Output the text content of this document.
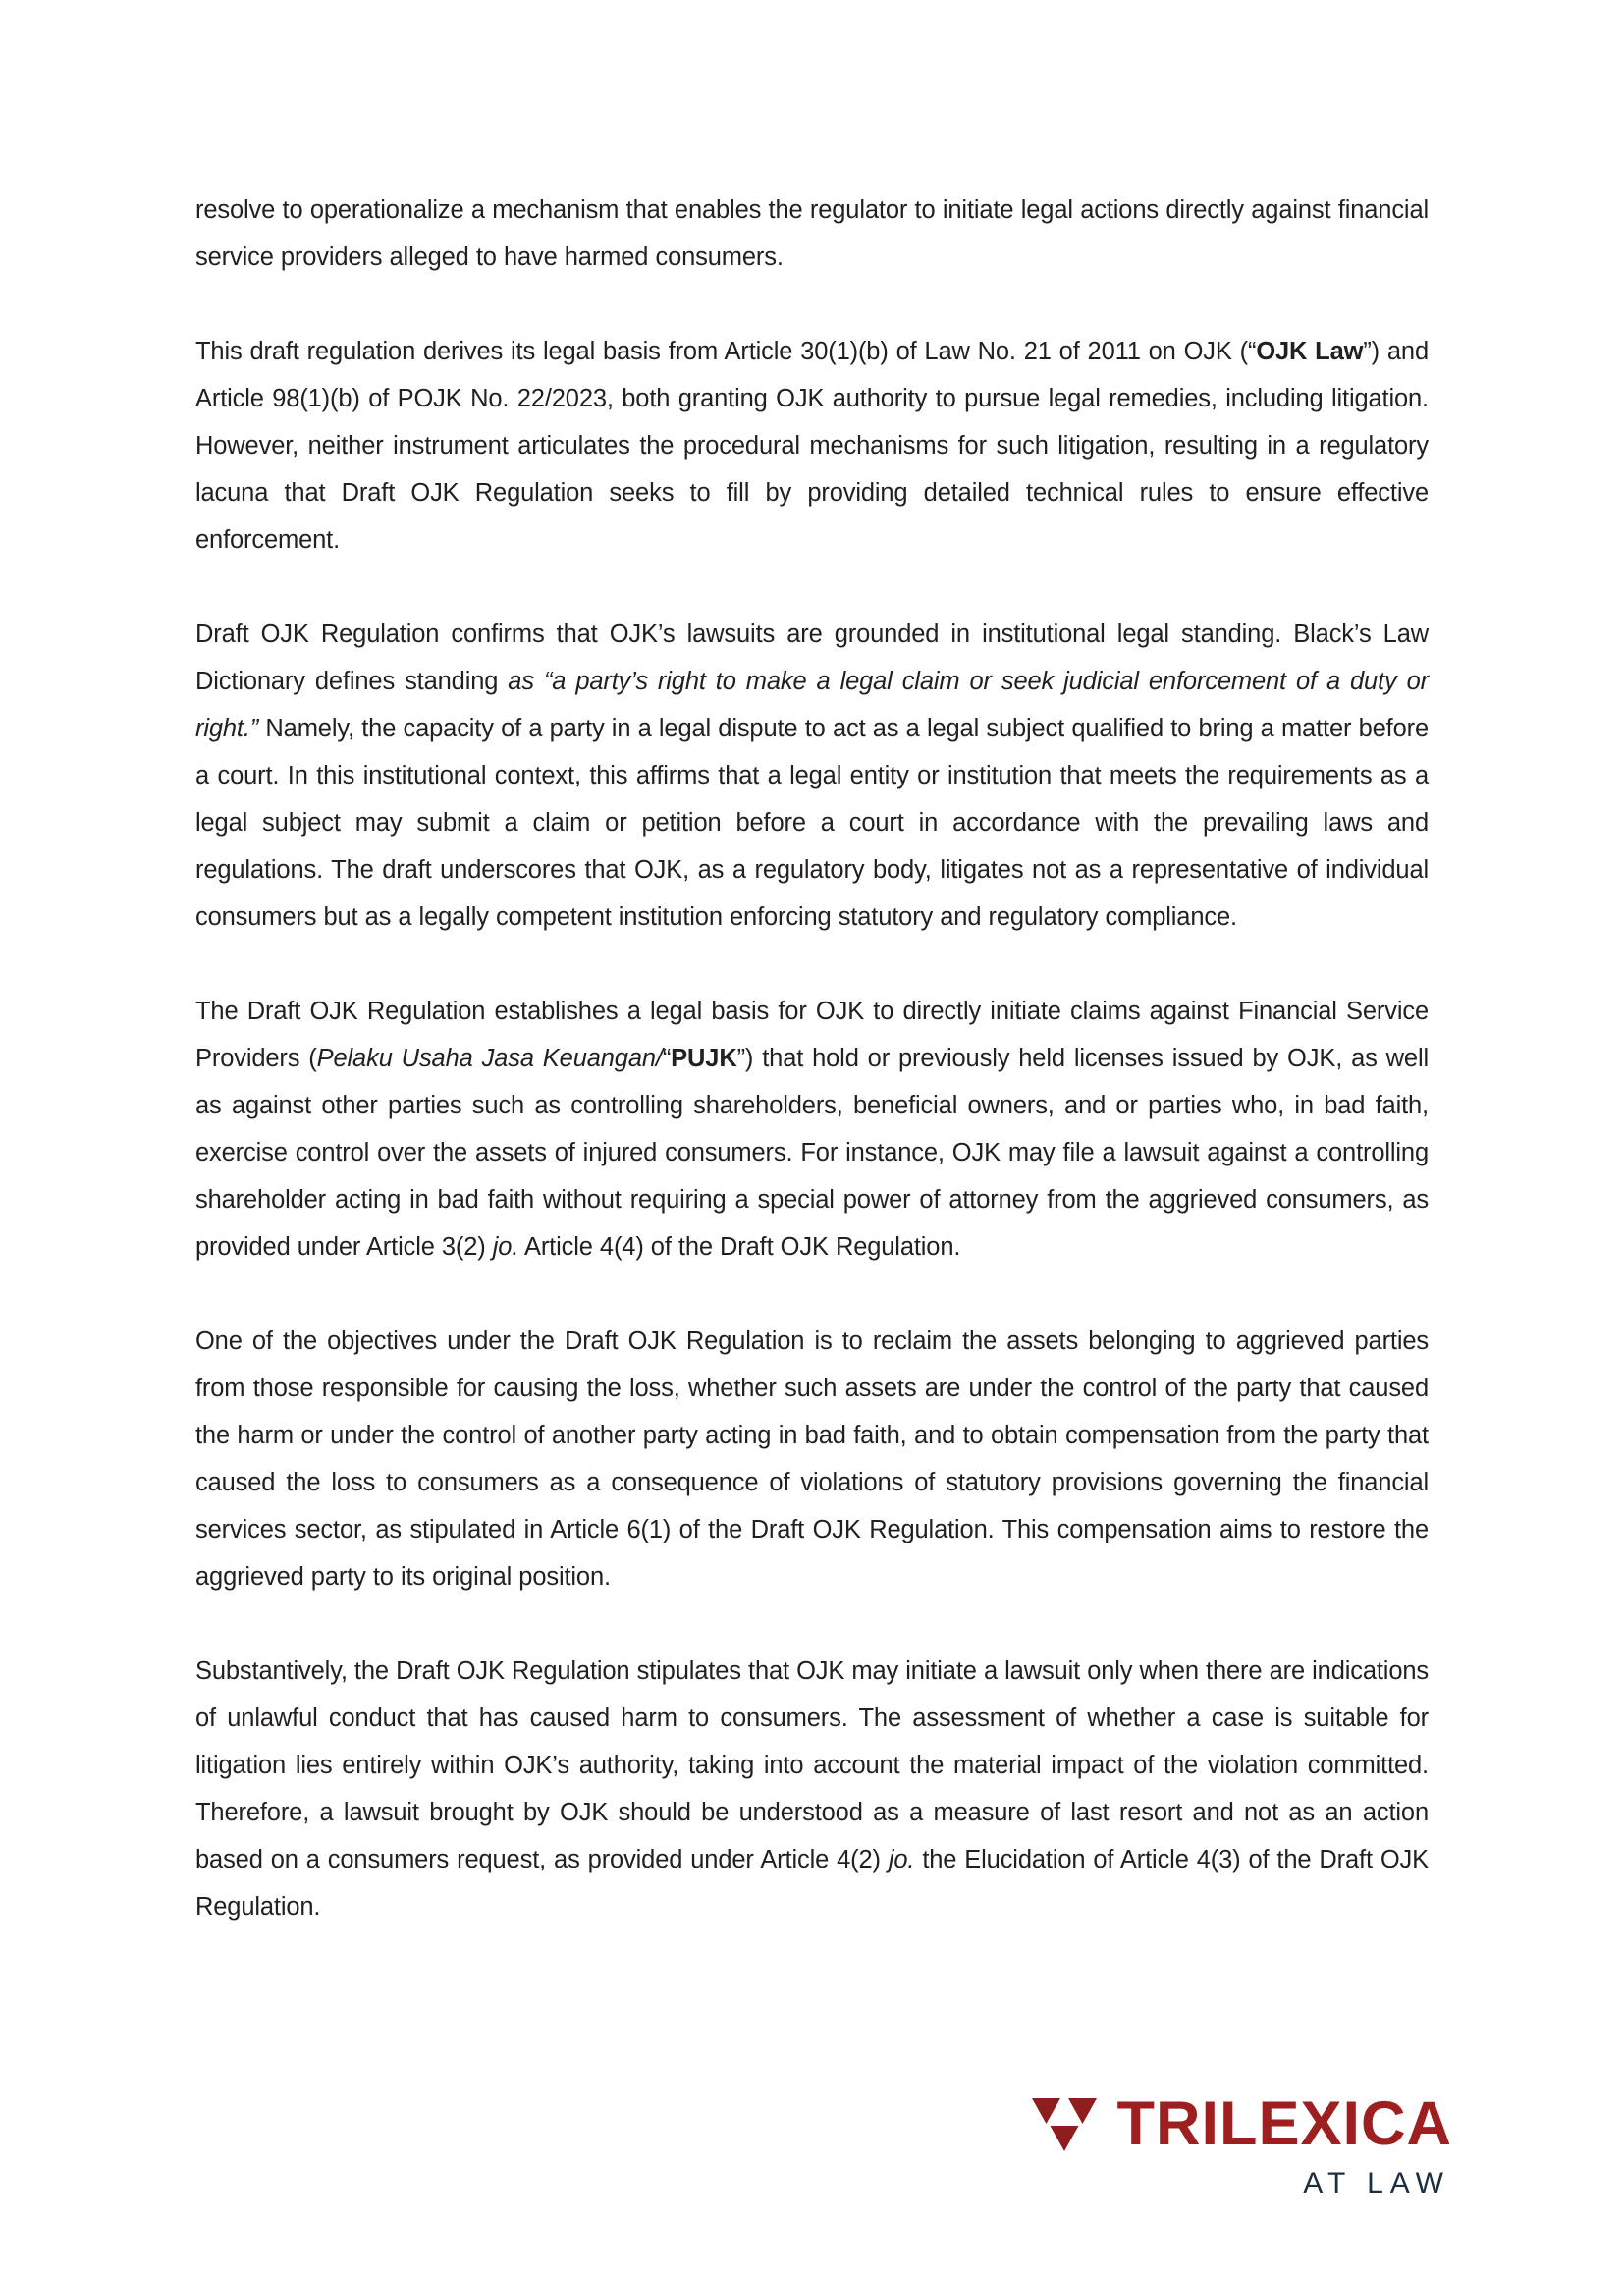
resolve to operationalize a mechanism that enables the regulator to initiate legal actions directly against financial service providers alleged to have harmed consumers.

This draft regulation derives its legal basis from Article 30(1)(b) of Law No. 21 of 2011 on OJK (“OJK Law”) and Article 98(1)(b) of POJK No. 22/2023, both granting OJK authority to pursue legal remedies, including litigation. However, neither instrument articulates the procedural mechanisms for such litigation, resulting in a regulatory lacuna that Draft OJK Regulation seeks to fill by providing detailed technical rules to ensure effective enforcement.

Draft OJK Regulation confirms that OJK’s lawsuits are grounded in institutional legal standing. Black’s Law Dictionary defines standing as “a party’s right to make a legal claim or seek judicial enforcement of a duty or right.” Namely, the capacity of a party in a legal dispute to act as a legal subject qualified to bring a matter before a court. In this institutional context, this affirms that a legal entity or institution that meets the requirements as a legal subject may submit a claim or petition before a court in accordance with the prevailing laws and regulations. The draft underscores that OJK, as a regulatory body, litigates not as a representative of individual consumers but as a legally competent institution enforcing statutory and regulatory compliance.

The Draft OJK Regulation establishes a legal basis for OJK to directly initiate claims against Financial Service Providers (Pelaku Usaha Jasa Keuangan/“PUJK”) that hold or previously held licenses issued by OJK, as well as against other parties such as controlling shareholders, beneficial owners, and or parties who, in bad faith, exercise control over the assets of injured consumers. For instance, OJK may file a lawsuit against a controlling shareholder acting in bad faith without requiring a special power of attorney from the aggrieved consumers, as provided under Article 3(2) jo. Article 4(4) of the Draft OJK Regulation.

One of the objectives under the Draft OJK Regulation is to reclaim the assets belonging to aggrieved parties from those responsible for causing the loss, whether such assets are under the control of the party that caused the harm or under the control of another party acting in bad faith, and to obtain compensation from the party that caused the loss to consumers as a consequence of violations of statutory provisions governing the financial services sector, as stipulated in Article 6(1) of the Draft OJK Regulation. This compensation aims to restore the aggrieved party to its original position.

Substantively, the Draft OJK Regulation stipulates that OJK may initiate a lawsuit only when there are indications of unlawful conduct that has caused harm to consumers. The assessment of whether a case is suitable for litigation lies entirely within OJK’s authority, taking into account the material impact of the violation committed. Therefore, a lawsuit brought by OJK should be understood as a measure of last resort and not as an action based on a consumers request, as provided under Article 4(2) jo. the Elucidation of Article 4(3) of the Draft OJK Regulation.

TRILEXICA
AT LAW
